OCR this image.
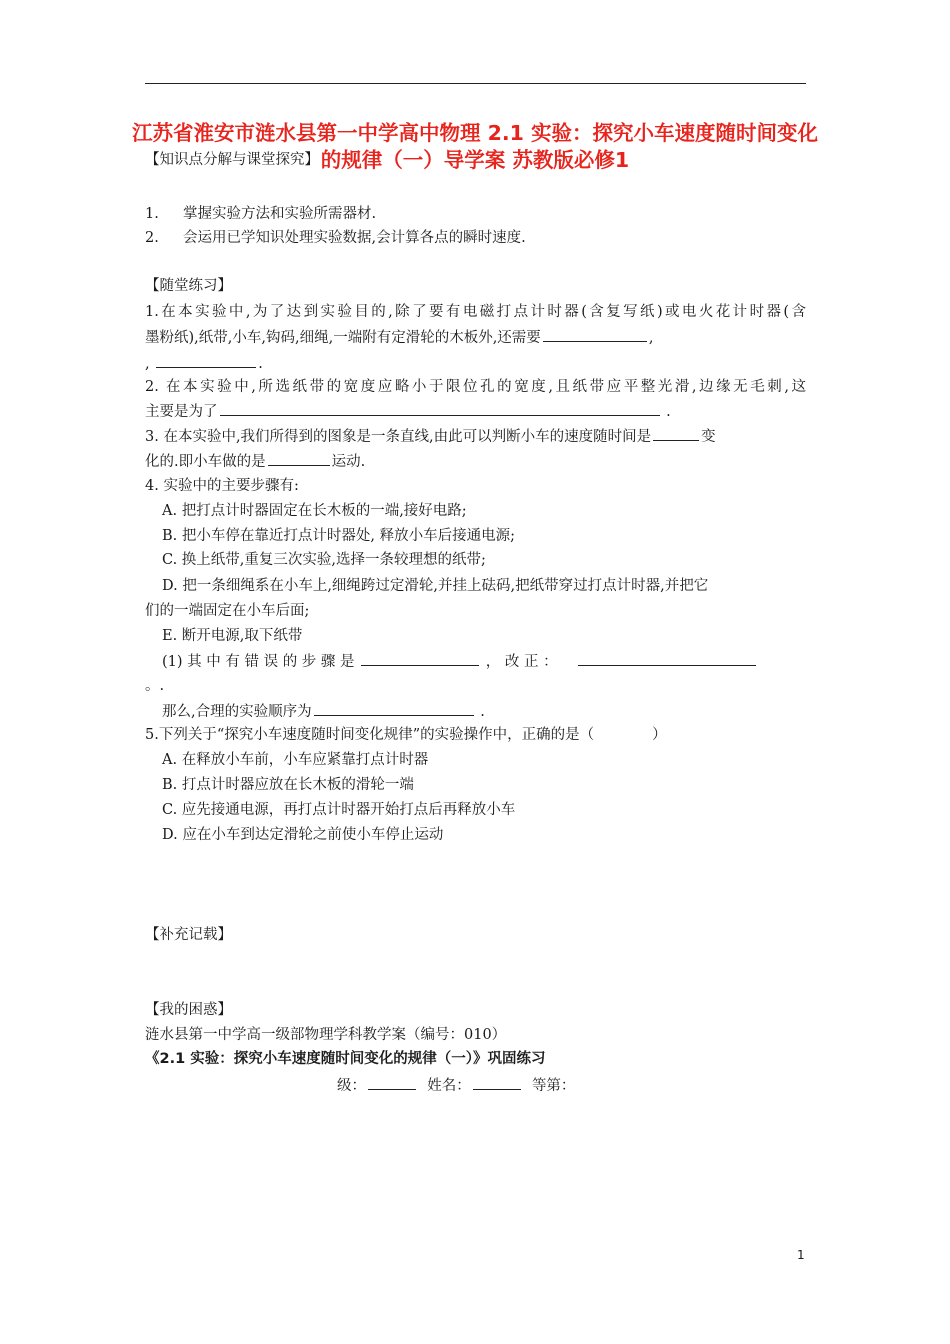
江苏省淮安市涟水县第一中学高中物理 2.1 实验：探究小车速度随时间变化的规律（一）导学案 苏教版必修1
【知识点分解与课堂探究】
1. 掌握实验方法和实验所需器材.
2. 会运用已学知识处理实验数据,会计算各点的瞬时速度.
【随堂练习】
1.在本实验中,为了达到实验目的,除了要有电磁打点计时器(含复写纸)或电火花计时器(含
墨粉纸),纸带,小车,钩码,细绳,一端附有定滑轮的木板外,还需要	,
,	.
2. 在本实验中,所选纸带的宽度应略小于限位孔的宽度,且纸带应平整光滑,边缘无毛刺,这
主要是为了	.
3. 在本实验中,我们所得到的图象是一条直线,由此可以判断小车的速度随时间是	变
化的.即小车做的是	运动.
4. 实验中的主要步骤有:
A. 把打点计时器固定在长木板的一端,接好电路;
B. 把小车停在靠近打点计时器处, 释放小车后接通电源;
C. 换上纸带,重复三次实验,选择一条较理想的纸带;
D. 把一条细绳系在小车上,细绳跨过定滑轮,并挂上砝码,把纸带穿过打点计时器,并把它
们的一端固定在小车后面;
E. 断开电源,取下纸带
(1) 其 中 有 错 误 的 步 骤 是	， 改 正 ：
。.
那么,合理的实验顺序为	.
5.下列关于“探究小车速度随时间变化规律”的实验操作中，正确的是（　　　　）
A. 在释放小车前，小车应紧靠打点计时器
B. 打点计时器应放在长木板的滑轮一端
C. 应先接通电源，再打点计时器开始打点后再释放小车
D. 应在小车到达定滑轮之前使小车停止运动
【补充记载】
【我的困惑】
涟水县第一中学高一级部物理学科教学案（编号：010）
《2.1 实验：探究小车速度随时间变化的规律（一）》巩固练习
级：	姓名：	等第：
1
